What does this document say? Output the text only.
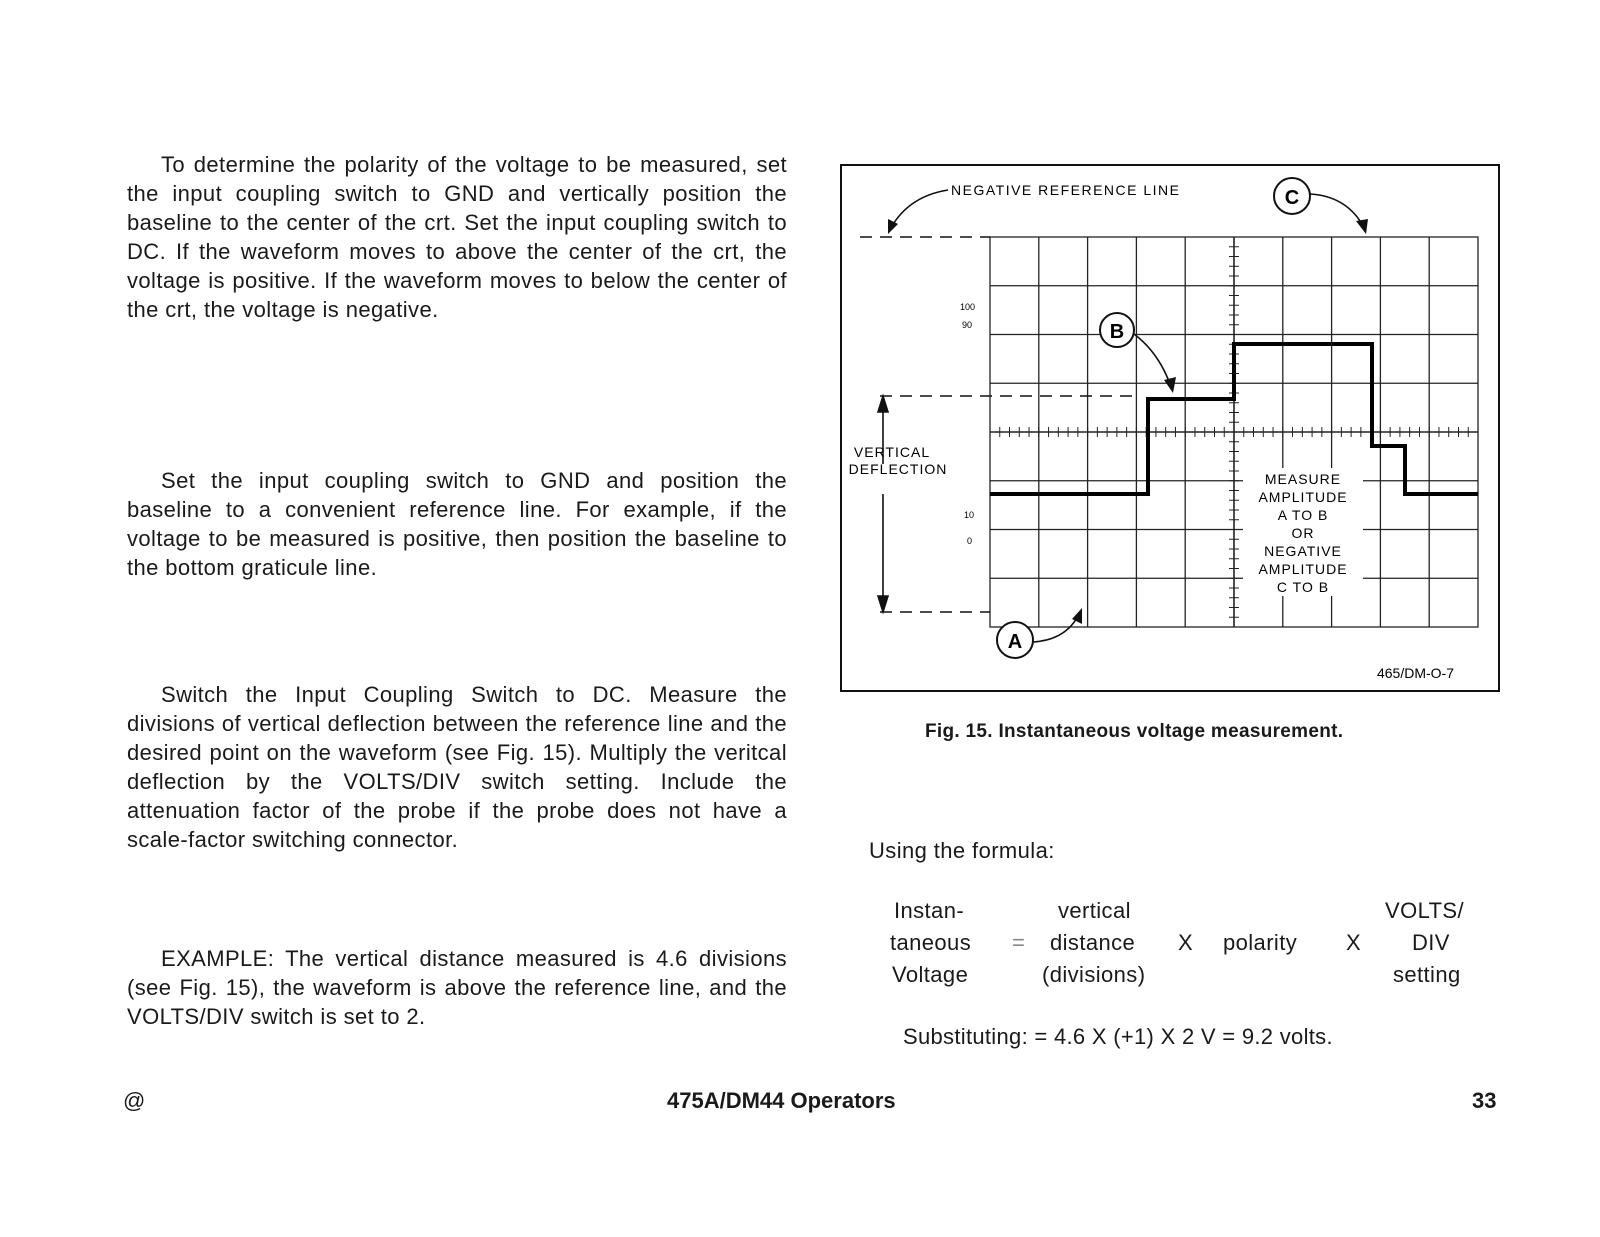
To determine the polarity of the voltage to be measured, set the input coupling switch to GND and vertically position the baseline to the center of the crt. Set the input coupling switch to DC. If the waveform moves to above the center of the crt, the voltage is positive. If the waveform moves to below the center of the crt, the voltage is negative.

Set the input coupling switch to GND and position the baseline to a convenient reference line. For example, if the voltage to be measured is positive, then position the baseline to the bottom graticule line.

Switch the Input Coupling Switch to DC. Measure the divisions of vertical deflection between the reference line and the desired point on the waveform (see Fig. 15). Multiply the veritcal deflection by the VOLTS/DIV switch setting. Include the attenuation factor of the probe if the probe does not have a scale-factor switching connector.

EXAMPLE: The vertical distance measured is 4.6 divisions (see Fig. 15), the waveform is above the reference line, and the VOLTS/DIV switch is set to 2.

VERTICAL
DEFLECTION
NEGATIVE REFERENCE LINE
100
90
10
0
B
C
A
MEASURE
AMPLITUDE
A TO B
OR
NEGATIVE
AMPLITUDE
C TO B
465/DM-O-7

Fig. 15. Instantaneous voltage measurement.

Using the formula:

Instan-
taneous
Voltage
=
vertical
distance
(divisions)
X polarity X
VOLTS/
DIV
setting

Substituting: = 4.6 X (+1) X 2 V = 9.2 volts.

@	475A/DM44 Operators	33
